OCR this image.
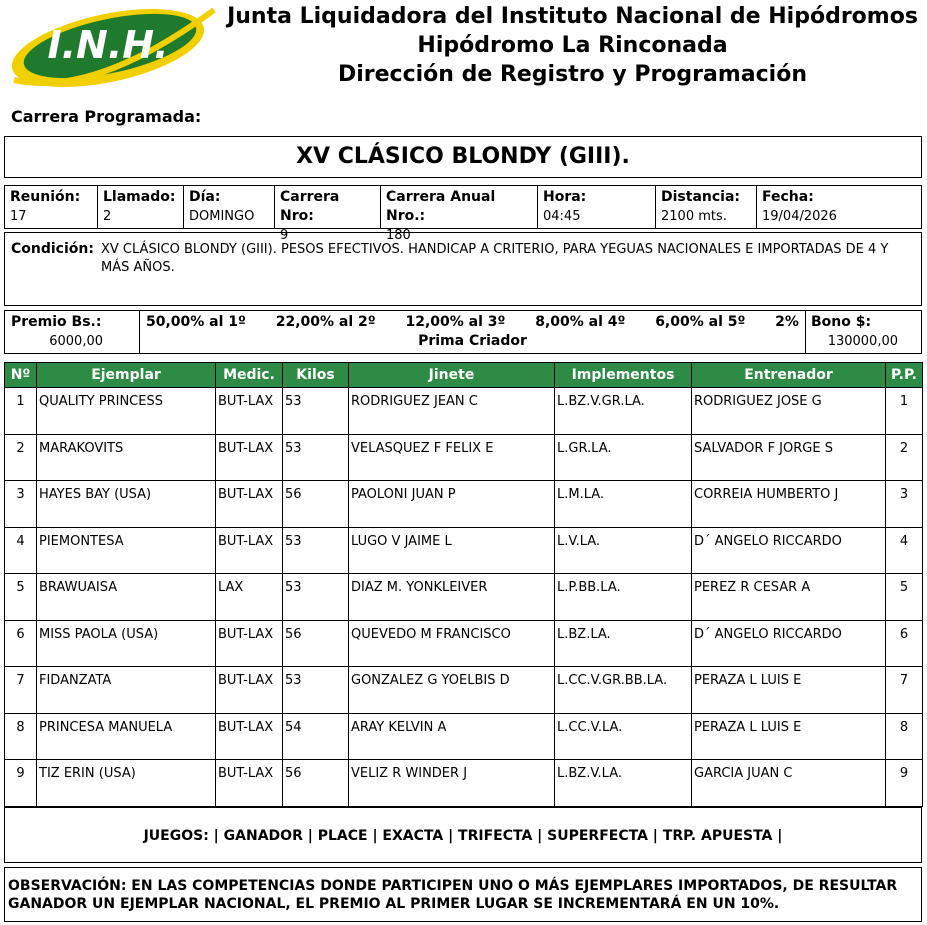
I.N.H.
Junta Liquidadora del Instituto Nacional de Hipódromos
Hipódromo La Rinconada
Dirección de Registro y Programación
Carrera Programada:
XV CLÁSICO BLONDY (GIII).
Reunión:
17
Llamado:
2
Día:
DOMINGO
Carrera Nro:
9
Carrera Anual Nro.:
180
Hora:
04:45
Distancia:
2100 mts.
Fecha:
19/04/2026
Condición: XV CLÁSICO BLONDY (GIII). PESOS EFECTIVOS. HANDICAP A CRITERIO, PARA YEGUAS NACIONALES E IMPORTADAS DE 4 Y MÁS AÑOS.
Premio Bs.:
6000,00
50,00% al 1º 22,00% al 2º 12,00% al 3º 8,00% al 4º 6,00% al 5º 2%
Prima Criador
Bono $:
130000,00
Nº	Ejemplar	Medic.	Kilos	Jinete	Implementos	Entrenador	P.P.
1	QUALITY PRINCESS	BUT-LAX	53	RODRIGUEZ JEAN C	L.BZ.V.GR.LA.	RODRIGUEZ JOSE G	1
2	MARAKOVITS	BUT-LAX	53	VELASQUEZ F FELIX E	L.GR.LA.	SALVADOR F JORGE S	2
3	HAYES BAY (USA)	BUT-LAX	56	PAOLONI JUAN P	L.M.LA.	CORREIA HUMBERTO J	3
4	PIEMONTESA	BUT-LAX	53	LUGO V JAIME L	L.V.LA.	D´ ANGELO RICCARDO	4
5	BRAWUAISA	LAX	53	DIAZ M. YONKLEIVER	L.P.BB.LA.	PEREZ R CESAR A	5
6	MISS PAOLA (USA)	BUT-LAX	56	QUEVEDO M FRANCISCO	L.BZ.LA.	D´ ANGELO RICCARDO	6
7	FIDANZATA	BUT-LAX	53	GONZALEZ G YOELBIS D	L.CC.V.GR.BB.LA.	PERAZA L LUIS E	7
8	PRINCESA MANUELA	BUT-LAX	54	ARAY KELVIN A	L.CC.V.LA.	PERAZA L LUIS E	8
9	TIZ ERIN (USA)	BUT-LAX	56	VELIZ R WINDER J	L.BZ.V.LA.	GARCIA JUAN C	9
JUEGOS: | GANADOR | PLACE | EXACTA | TRIFECTA | SUPERFECTA | TRP. APUESTA |
OBSERVACIÓN: EN LAS COMPETENCIAS DONDE PARTICIPEN UNO O MÁS EJEMPLARES IMPORTADOS, DE RESULTAR GANADOR UN EJEMPLAR NACIONAL, EL PREMIO AL PRIMER LUGAR SE INCREMENTARÁ EN UN 10%.
